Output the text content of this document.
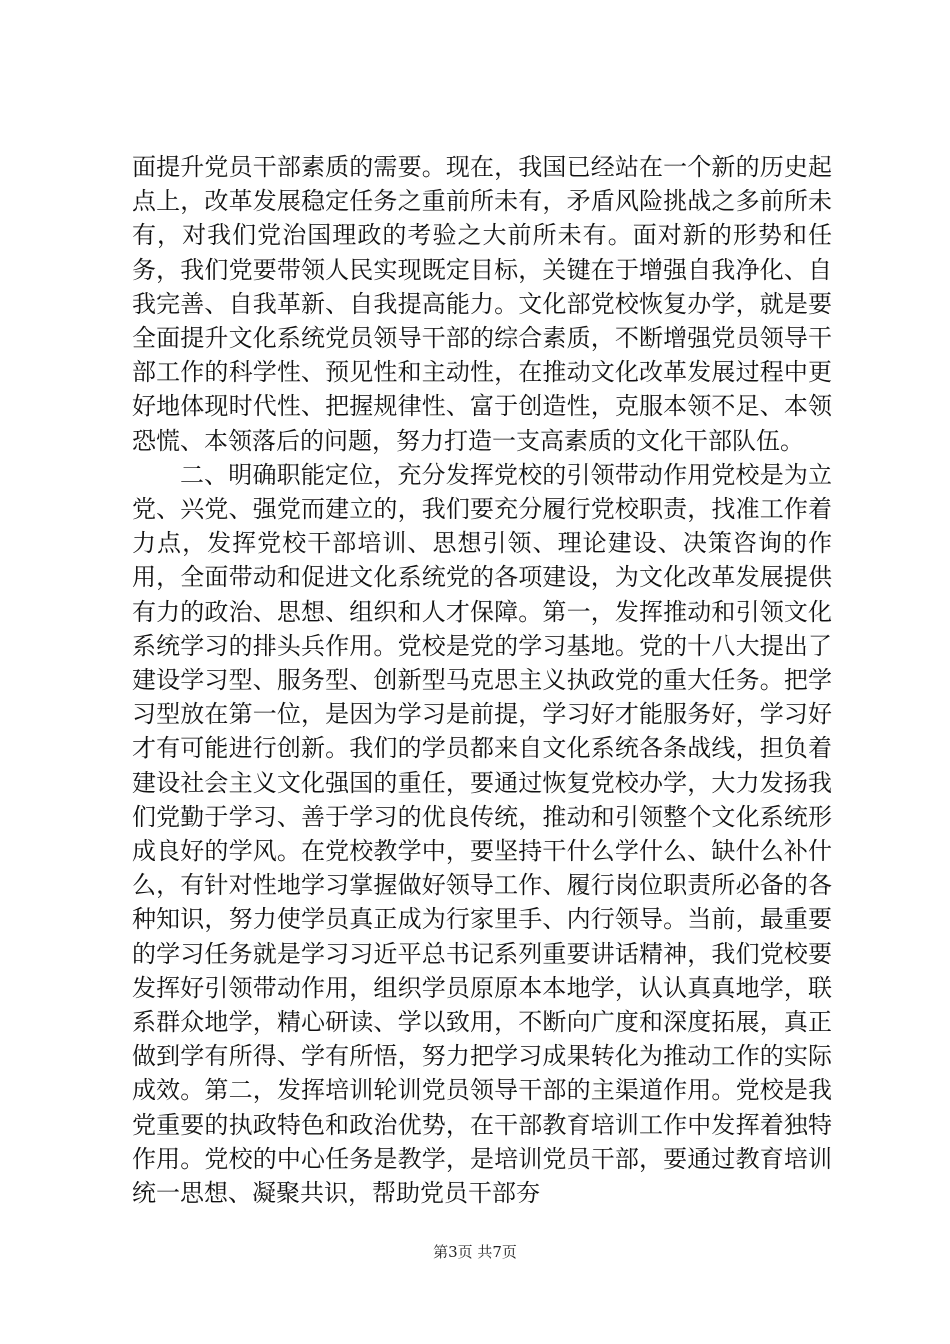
面提升党员干部素质的需要。现在，我国已经站在一个新的历史起点上，改革发展稳定任务之重前所未有，矛盾风险挑战之多前所未有，对我们党治国理政的考验之大前所未有。面对新的形势和任务，我们党要带领人民实现既定目标，关键在于增强自我净化、自我完善、自我革新、自我提高能力。文化部党校恢复办学，就是要全面提升文化系统党员领导干部的综合素质，不断增强党员领导干部工作的科学性、预见性和主动性，在推动文化改革发展过程中更好地体现时代性、把握规律性、富于创造性，克服本领不足、本领恐慌、本领落后的问题，努力打造一支高素质的文化干部队伍。

二、明确职能定位，充分发挥党校的引领带动作用党校是为立党、兴党、强党而建立的，我们要充分履行党校职责，找准工作着力点，发挥党校干部培训、思想引领、理论建设、决策咨询的作用，全面带动和促进文化系统党的各项建设，为文化改革发展提供有力的政治、思想、组织和人才保障。第一，发挥推动和引领文化系统学习的排头兵作用。党校是党的学习基地。党的十八大提出了建设学习型、服务型、创新型马克思主义执政党的重大任务。把学习型放在第一位，是因为学习是前提，学习好才能服务好，学习好才有可能进行创新。我们的学员都来自文化系统各条战线，担负着建设社会主义文化强国的重任，要通过恢复党校办学，大力发扬我们党勤于学习、善于学习的优良传统，推动和引领整个文化系统形成良好的学风。在党校教学中，要坚持干什么学什么、缺什么补什么，有针对性地学习掌握做好领导工作、履行岗位职责所必备的各种知识，努力使学员真正成为行家里手、内行领导。当前，最重要的学习任务就是学习习近平总书记系列重要讲话精神，我们党校要发挥好引领带动作用，组织学员原原本本地学，认认真真地学，联系群众地学，精心研读、学以致用，不断向广度和深度拓展，真正做到学有所得、学有所悟，努力把学习成果转化为推动工作的实际成效。第二，发挥培训轮训党员领导干部的主渠道作用。党校是我党重要的执政特色和政治优势，在干部教育培训工作中发挥着独特作用。党校的中心任务是教学，是培训党员干部，要通过教育培训统一思想、凝聚共识，帮助党员干部夯

第3页 共7页
